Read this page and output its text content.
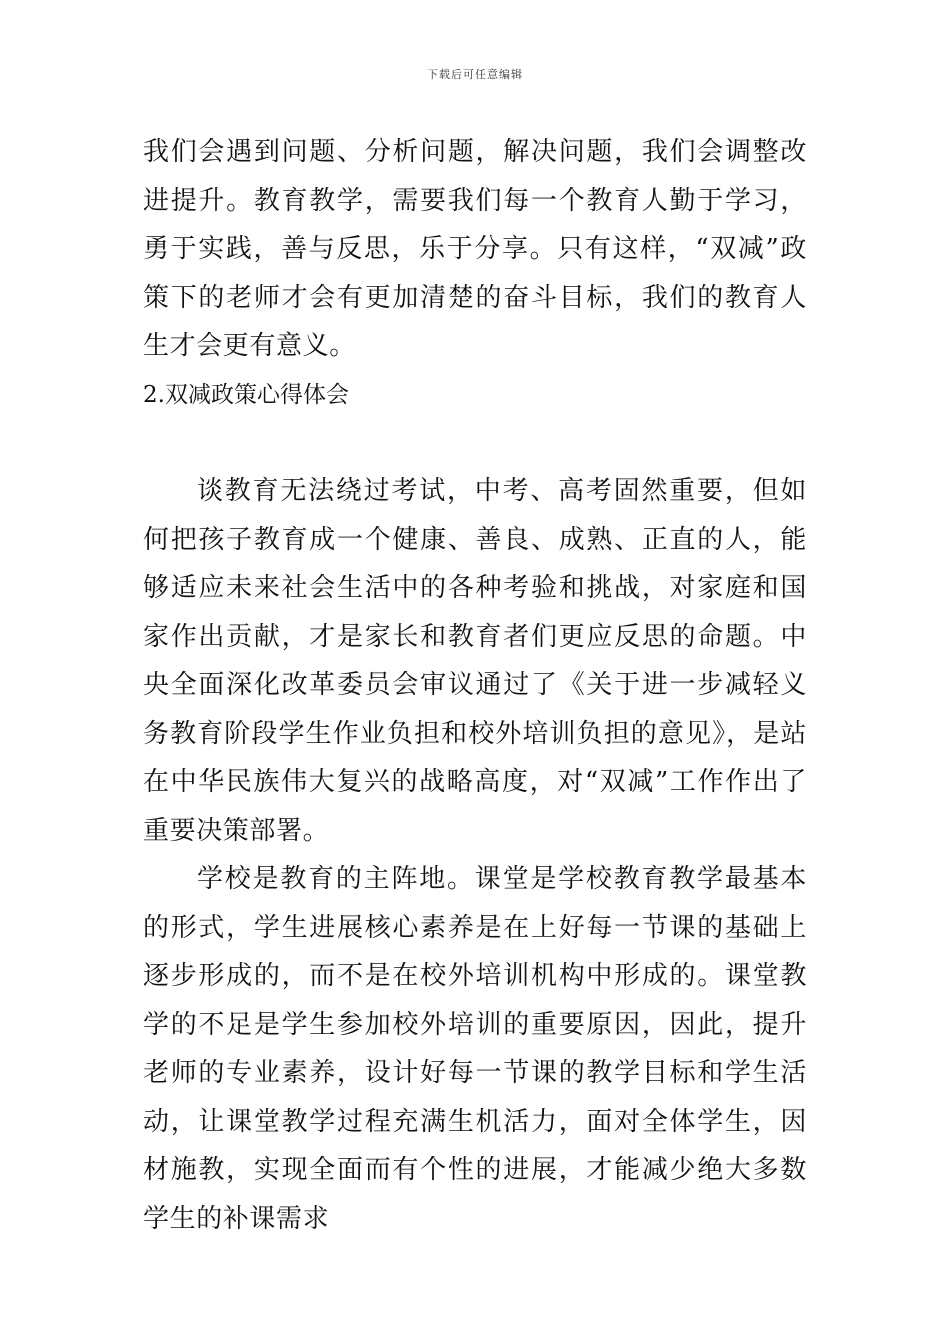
下载后可任意编辑

我们会遇到问题、分析问题，解决问题，我们会调整改进提升。教育教学，需要我们每一个教育人勤于学习，勇于实践，善与反思，乐于分享。只有这样，“双减”政策下的老师才会有更加清楚的奋斗目标，我们的教育人生才会更有意义。

2.双减政策心得体会

谈教育无法绕过考试，中考、高考固然重要，但如何把孩子教育成一个健康、善良、成熟、正直的人，能够适应未来社会生活中的各种考验和挑战，对家庭和国家作出贡献，才是家长和教育者们更应反思的命题。中央全面深化改革委员会审议通过了《关于进一步减轻义务教育阶段学生作业负担和校外培训负担的意见》，是站在中华民族伟大复兴的战略高度，对“双减”工作作出了重要决策部署。

学校是教育的主阵地。课堂是学校教育教学最基本的形式，学生进展核心素养是在上好每一节课的基础上逐步形成的，而不是在校外培训机构中形成的。课堂教学的不足是学生参加校外培训的重要原因，因此，提升老师的专业素养，设计好每一节课的教学目标和学生活动，让课堂教学过程充满生机活力，面对全体学生，因材施教，实现全面而有个性的进展，才能减少绝大多数学生的补课需求
